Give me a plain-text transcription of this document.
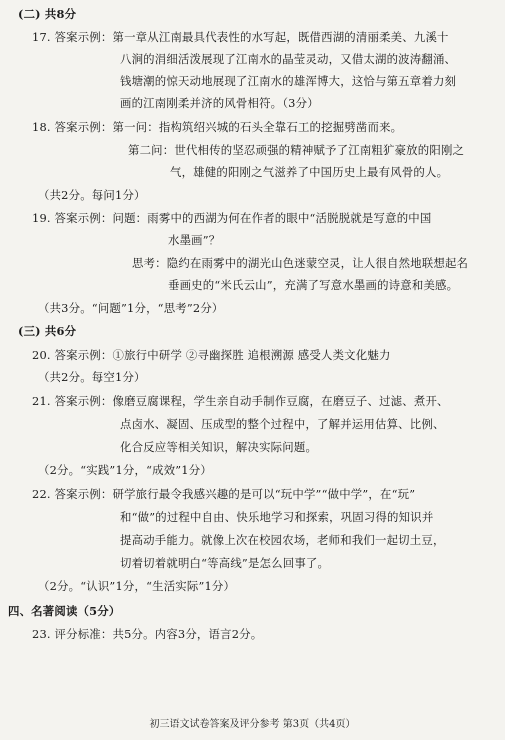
(二) 共8分
17. 答案示例：第一章从江南最具代表性的水写起，既借西湖的清丽柔美、九溪十
八涧的涓细活泼展现了江南水的晶莹灵动，又借太湖的波涛翻涌、
钱塘潮的惊天动地展现了江南水的雄浑博大，这恰与第五章着力刻
画的江南刚柔并济的风骨相符。（3分）
18. 答案示例：第一问：指构筑绍兴城的石头全靠石工的挖掘劈凿而来。
第二问：世代相传的坚忍顽强的精神赋予了江南粗犷豪放的阳刚之
气，雄健的阳刚之气滋养了中国历史上最有风骨的人。
（共2分。每问1分）
19. 答案示例：问题：雨雾中的西湖为何在作者的眼中“活脱脱就是写意的中国
水墨画”？
思考：隐约在雨雾中的湖光山色迷蒙空灵，让人很自然地联想起名
垂画史的“米氏云山”，充满了写意水墨画的诗意和美感。
（共3分。“问题”1分，“思考”2分）
(三) 共6分
20. 答案示例：①旅行中研学 ②寻幽探胜 追根溯源 感受人类文化魅力
（共2分。每空1分）
21. 答案示例：像磨豆腐课程，学生亲自动手制作豆腐，在磨豆子、过滤、煮开、
点卤水、凝固、压成型的整个过程中，了解并运用估算、比例、
化合反应等相关知识，解决实际问题。
（2分。“实践”1分，“成效”1分）
22. 答案示例：研学旅行最令我感兴趣的是可以“玩中学”“做中学”，在“玩”
和“做”的过程中自由、快乐地学习和探索，巩固习得的知识并
提高动手能力。就像上次在校园农场，老师和我们一起切土豆，
切着切着就明白“等高线”是怎么回事了。
（2分。“认识”1分，“生活实际”1分）
四、名著阅读（5分）
23. 评分标准：共5分。内容3分，语言2分。
初三语文试卷答案及评分参考 第3页（共4页）
